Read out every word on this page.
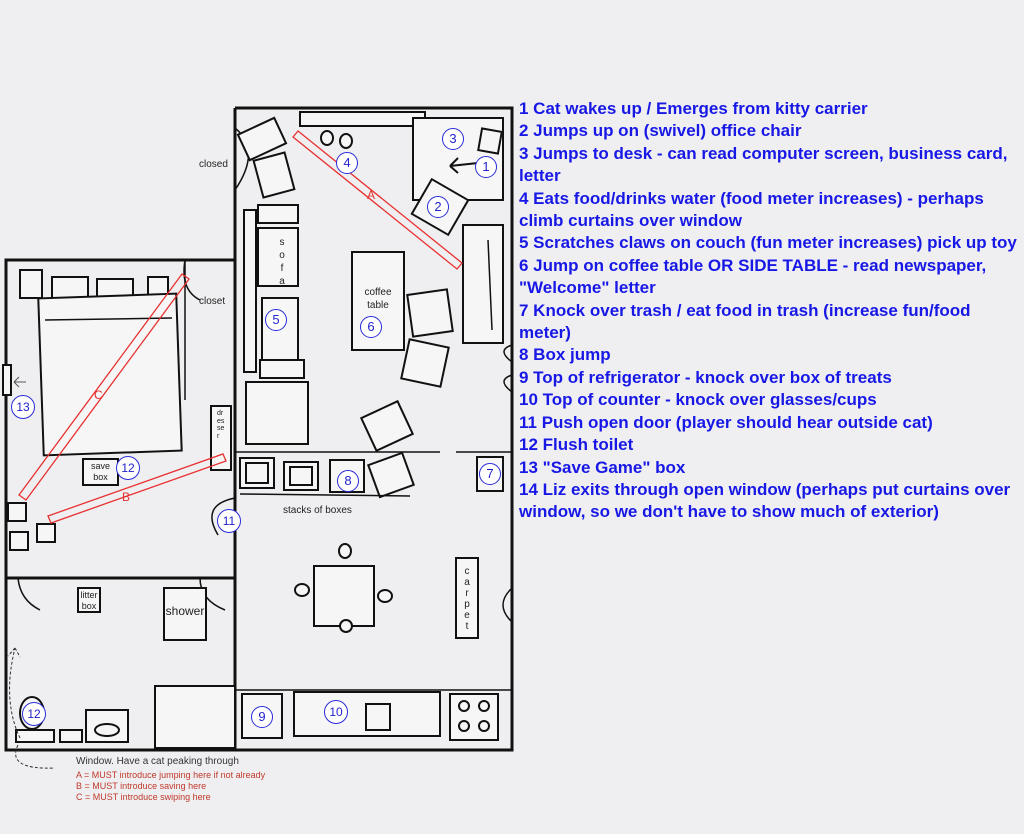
closed
closet
s
o
f
a
coffee
table
save
box
dresser
stacks of boxes
litter
box	shower
c
a
r
p
e
t
A
B
C
1
2
3
4
5	6
7
8
9	10
11
12
12
13
1 Cat wakes up / Emerges from kitty carrier
2 Jumps up on (swivel) office chair
3 Jumps to desk - can read computer screen, business card, letter
4 Eats food/drinks water (food meter increases) - perhaps climb curtains over window
5 Scratches claws on couch (fun meter increases) pick up toy
6 Jump on coffee table OR SIDE TABLE - read newspaper, "Welcome" letter
7 Knock over trash / eat food in trash (increase fun/food meter)
8 Box jump
9 Top of refrigerator - knock over box of treats
10 Top of counter - knock over glasses/cups
11 Push open door (player should hear outside cat)
12 Flush toilet
13 "Save Game" box
14 Liz exits through open window (perhaps put curtains over window, so we don't have to show much of exterior)
Window. Have a cat peaking through
A = MUST introduce jumping here if not already
B = MUST introduce saving here
C = MUST introduce swiping here
